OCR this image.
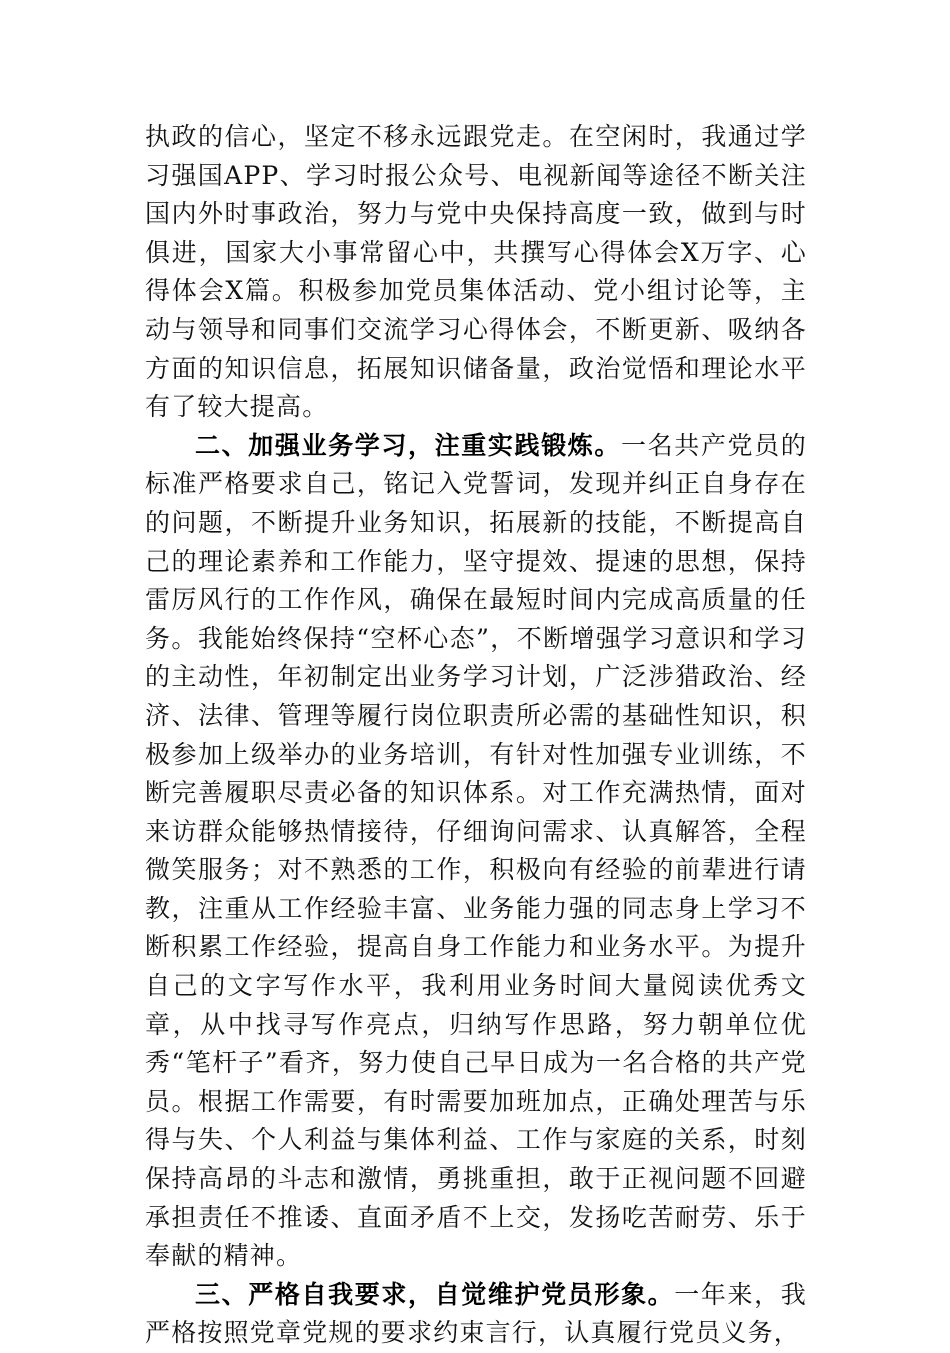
执政的信心，坚定不移永远跟党走。在空闲时，我通过学习强国APP、学习时报公众号、电视新闻等途径不断关注国内外时事政治，努力与党中央保持高度一致，做到与时俱进，国家大小事常留心中，共撰写心得体会X万字、心得体会X篇。积极参加党员集体活动、党小组讨论等，主动与领导和同事们交流学习心得体会，不断更新、吸纳各方面的知识信息，拓展知识储备量，政治觉悟和理论水平有了较大提高。

二、加强业务学习，注重实践锻炼。一名共产党员的标准严格要求自己，铭记入党誓词，发现并纠正自身存在的问题，不断提升业务知识，拓展新的技能，不断提高自己的理论素养和工作能力，坚守提效、提速的思想，保持雷厉风行的工作作风，确保在最短时间内完成高质量的任务。我能始终保持“空杯心态”，不断增强学习意识和学习的主动性，年初制定出业务学习计划，广泛涉猎政治、经济、法律、管理等履行岗位职责所必需的基础性知识，积极参加上级举办的业务培训，有针对性加强专业训练，不断完善履职尽责必备的知识体系。对工作充满热情，面对来访群众能够热情接待，仔细询问需求、认真解答，全程微笑服务；对不熟悉的工作，积极向有经验的前辈进行请教，注重从工作经验丰富、业务能力强的同志身上学习不断积累工作经验，提高自身工作能力和业务水平。为提升自己的文字写作水平，我利用业务时间大量阅读优秀文章，从中找寻写作亮点，归纳写作思路，努力朝单位优秀“笔杆子”看齐，努力使自己早日成为一名合格的共产党员。根据工作需要，有时需要加班加点，正确处理苦与乐得与失、个人利益与集体利益、工作与家庭的关系，时刻保持高昂的斗志和激情，勇挑重担，敢于正视问题不回避承担责任不推诿、直面矛盾不上交，发扬吃苦耐劳、乐于奉献的精神。

三、严格自我要求，自觉维护党员形象。一年来，我严格按照党章党规的要求约束言行，认真履行党员义务，
